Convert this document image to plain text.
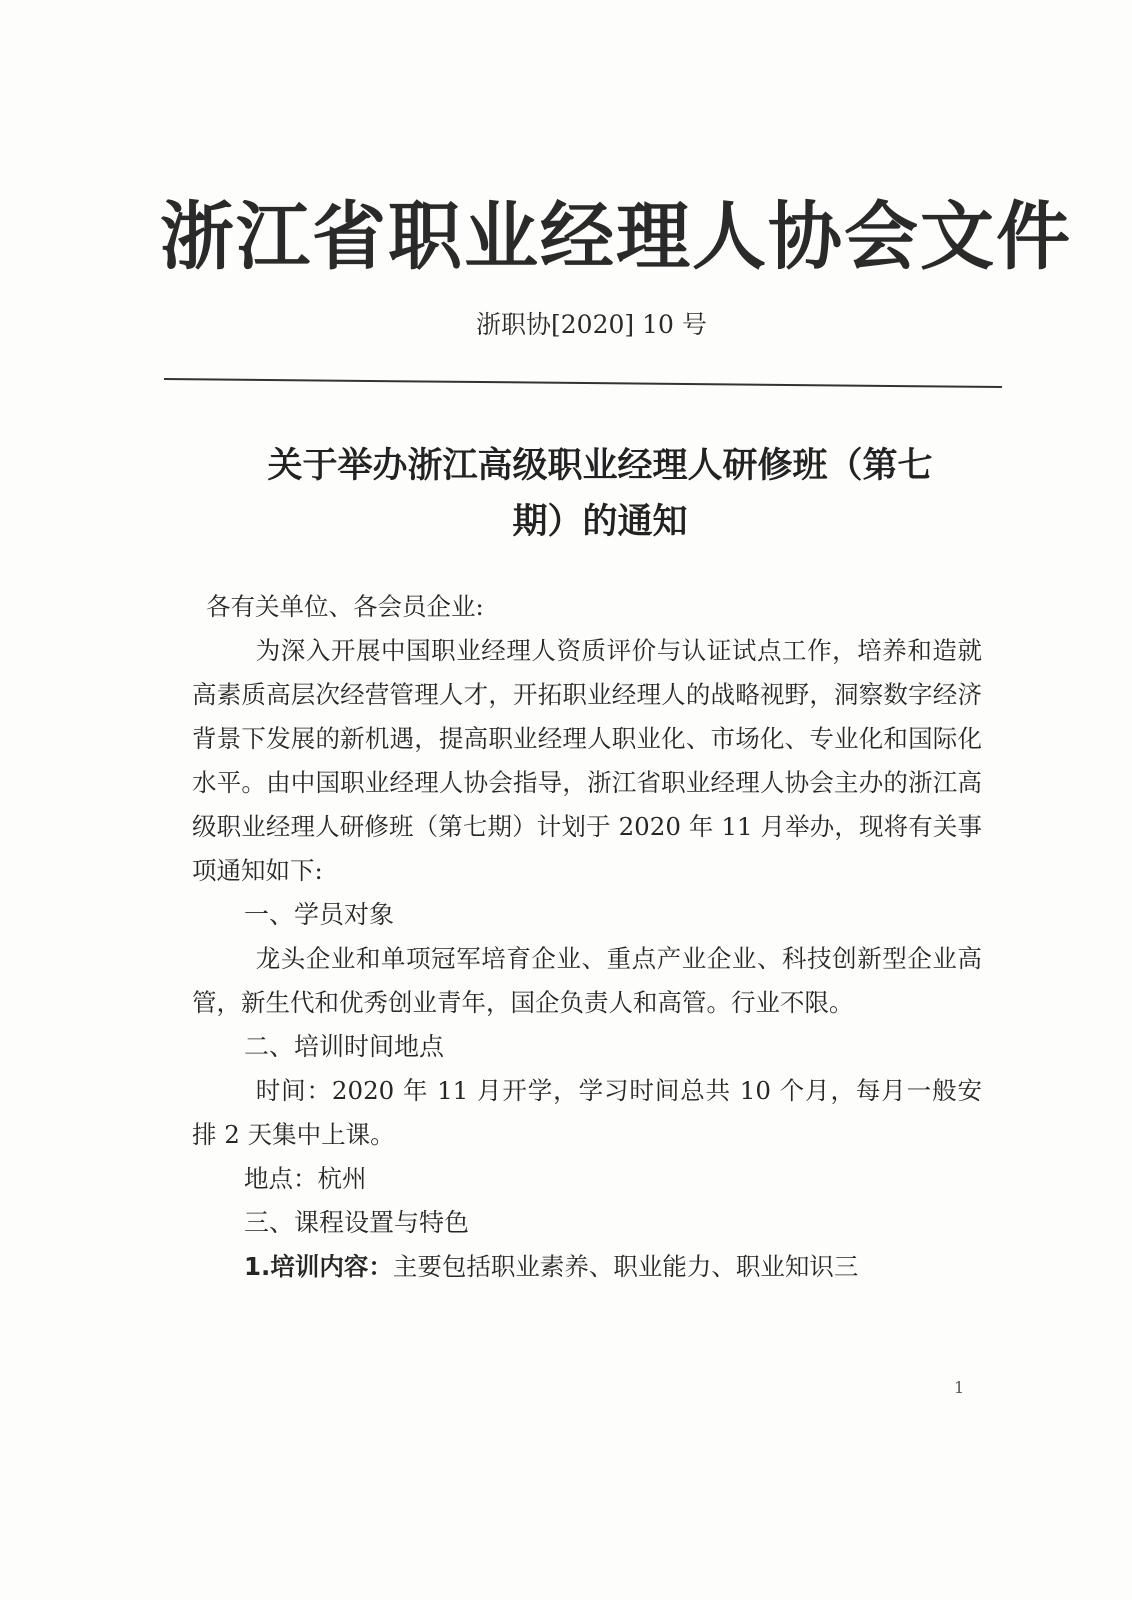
浙江省职业经理人协会文件
浙职协[2020] 10 号
关于举办浙江高级职业经理人研修班（第七
期）的通知

各有关单位、各会员企业:

为深入开展中国职业经理人资质评价与认证试点工作，培养和造就高素质高层次经营管理人才，开拓职业经理人的战略视野，洞察数字经济背景下发展的新机遇，提高职业经理人职业化、市场化、专业化和国际化水平。由中国职业经理人协会指导，浙江省职业经理人协会主办的浙江高级职业经理人研修班（第七期）计划于 2020 年 11 月举办，现将有关事项通知如下:

一、学员对象

龙头企业和单项冠军培育企业、重点产业企业、科技创新型企业高管，新生代和优秀创业青年，国企负责人和高管。行业不限。

二、培训时间地点

时间：2020 年 11 月开学，学习时间总共 10 个月，每月一般安排 2 天集中上课。

地点：杭州

三、课程设置与特色

1.培训内容：主要包括职业素养、职业能力、职业知识三

1
